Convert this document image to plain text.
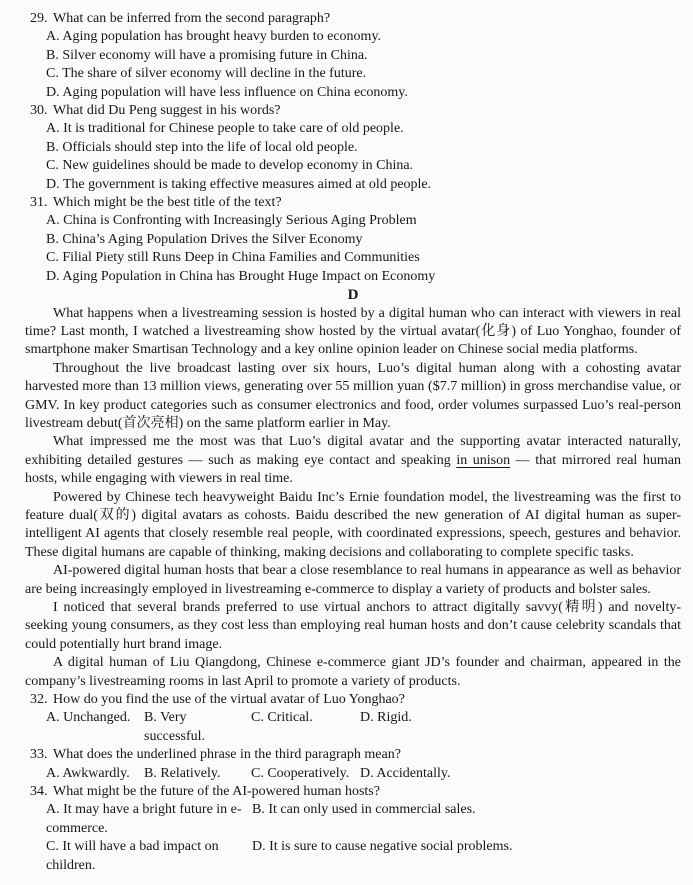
29. What can be inferred from the second paragraph?
A. Aging population has brought heavy burden to economy.
B. Silver economy will have a promising future in China.
C. The share of silver economy will decline in the future.
D. Aging population will have less influence on China economy.
30. What did Du Peng suggest in his words?
A. It is traditional for Chinese people to take care of old people.
B. Officials should step into the life of local old people.
C. New guidelines should be made to develop economy in China.
D. The government is taking effective measures aimed at old people.
31. Which might be the best title of the text?
A. China is Confronting with Increasingly Serious Aging Problem
B. China’s Aging Population Drives the Silver Economy
C. Filial Piety still Runs Deep in China Families and Communities
D. Aging Population in China has Brought Huge Impact on Economy
D

What happens when a livestreaming session is hosted by a digital human who can interact with viewers in real time? Last month, I watched a livestreaming show hosted by the virtual avatar(化身) of Luo Yonghao, founder of smartphone maker Smartisan Technology and a key online opinion leader on Chinese social media platforms.

Throughout the live broadcast lasting over six hours, Luo’s digital human along with a cohosting avatar harvested more than 13 million views, generating over 55 million yuan ($7.7 million) in gross merchandise value, or GMV. In key product categories such as consumer electronics and food, order volumes surpassed Luo’s real-person livestream debut(首次亮相) on the same platform earlier in May.

What impressed me the most was that Luo’s digital avatar and the supporting avatar interacted naturally, exhibiting detailed gestures — such as making eye contact and speaking in unison — that mirrored real human hosts, while engaging with viewers in real time.

Powered by Chinese tech heavyweight Baidu Inc’s Ernie foundation model, the livestreaming was the first to feature dual(双的) digital avatars as cohosts. Baidu described the new generation of AI digital human as super-intelligent AI agents that closely resemble real people, with coordinated expressions, speech, gestures and behavior. These digital humans are capable of thinking, making decisions and collaborating to complete specific tasks.

AI-powered digital human hosts that bear a close resemblance to real humans in appearance as well as behavior are being increasingly employed in livestreaming e-commerce to display a variety of products and bolster sales.

I noticed that several brands preferred to use virtual anchors to attract digitally savvy(精明) and novelty-seeking young consumers, as they cost less than employing real human hosts and don’t cause celebrity scandals that could potentially hurt brand image.

A digital human of Liu Qiangdong, Chinese e-commerce giant JD’s founder and chairman, appeared in the company’s livestreaming rooms in last April to promote a variety of products.

32. How do you find the use of the virtual avatar of Luo Yonghao?
A. Unchanged. B. Very successful.
C. Critical.	D. Rigid.
33. What does the underlined phrase in the third paragraph mean?
A. Awkwardly.	B. Relatively.	C. Cooperatively. D. Accidentally.
34. What might be the future of the AI-powered human hosts?
A. It may have a bright future in e-commerce.
B. It can only used in commercial sales.
C. It will have a bad impact on children.
D. It is sure to cause negative social problems.
